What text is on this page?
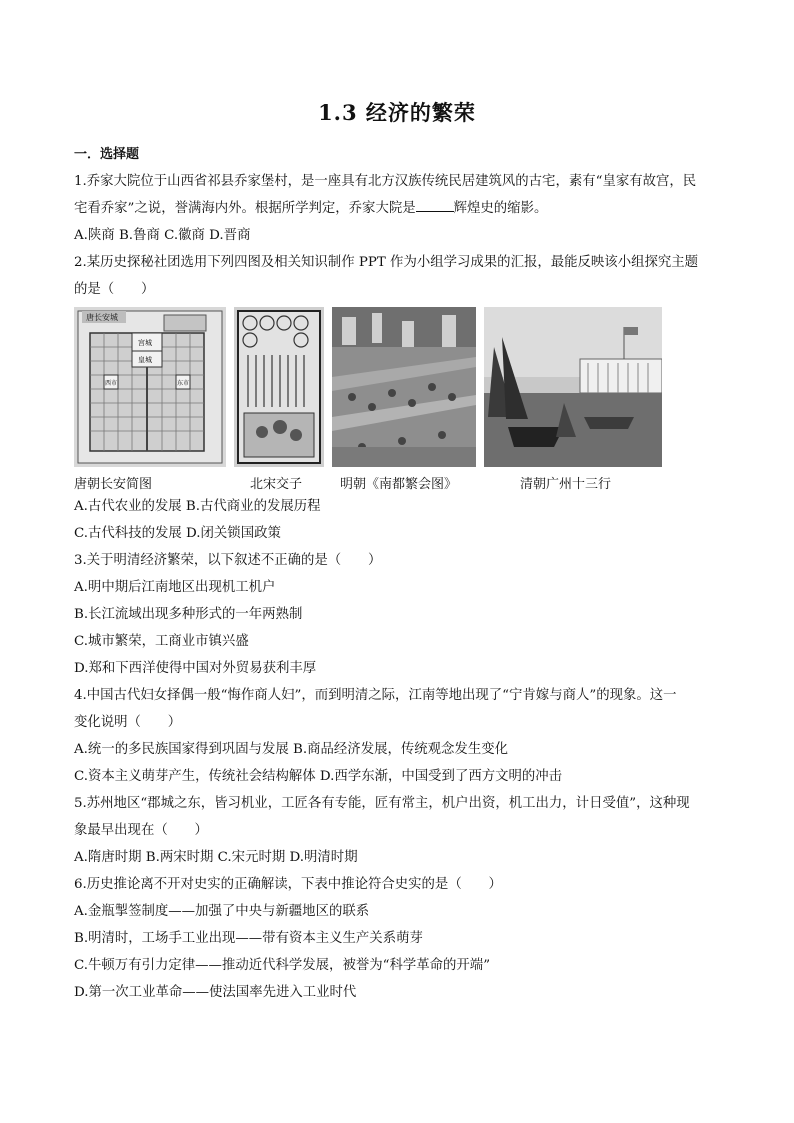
1.3 经济的繁荣
一．选择题
1.乔家大院位于山西省祁县乔家堡村，是一座具有北方汉族传统民居建筑风的古宅，素有“皇家有故宫，民
宅看乔家”之说，誉满海内外。根据所学判定，乔家大院是	辉煌史的缩影。
A.陕商 B.鲁商 C.徽商 D.晋商
2.某历史探秘社团选用下列四图及相关知识制作 PPT 作为小组学习成果的汇报，最能反映该小组探究主题
的是（　　）
唐长安城
宫城
皇城
东市
西市
唐朝长安简图	北宋交子	明朝《南都繁会图》	清朝广州十三行
A.古代农业的发展 B.古代商业的发展历程
C.古代科技的发展 D.闭关锁国政策
3.关于明清经济繁荣，以下叙述不正确的是（　　）
A.明中期后江南地区出现机工机户
B.长江流域出现多种形式的一年两熟制
C.城市繁荣，工商业市镇兴盛
D.郑和下西洋使得中国对外贸易获利丰厚
4.中国古代妇女择偶一般“悔作商人妇”，而到明清之际，江南等地出现了“宁肯嫁与商人”的现象。这一
变化说明（　　）
A.统一的多民族国家得到巩固与发展 B.商品经济发展，传统观念发生变化
C.资本主义萌芽产生，传统社会结构解体 D.西学东渐，中国受到了西方文明的冲击
5.苏州地区“郡城之东，皆习机业，工匠各有专能，匠有常主，机户出资，机工出力，计日受值”，这种现
象最早出现在（　　）
A.隋唐时期 B.两宋时期 C.宋元时期 D.明清时期
6.历史推论离不开对史实的正确解读，下表中推论符合史实的是（　　）
A.金瓶掣签制度——加强了中央与新疆地区的联系
B.明清时，工场手工业出现——带有资本主义生产关系萌芽
C.牛顿万有引力定律——推动近代科学发展，被誉为“科学革命的开端”
D.第一次工业革命——使法国率先进入工业时代
